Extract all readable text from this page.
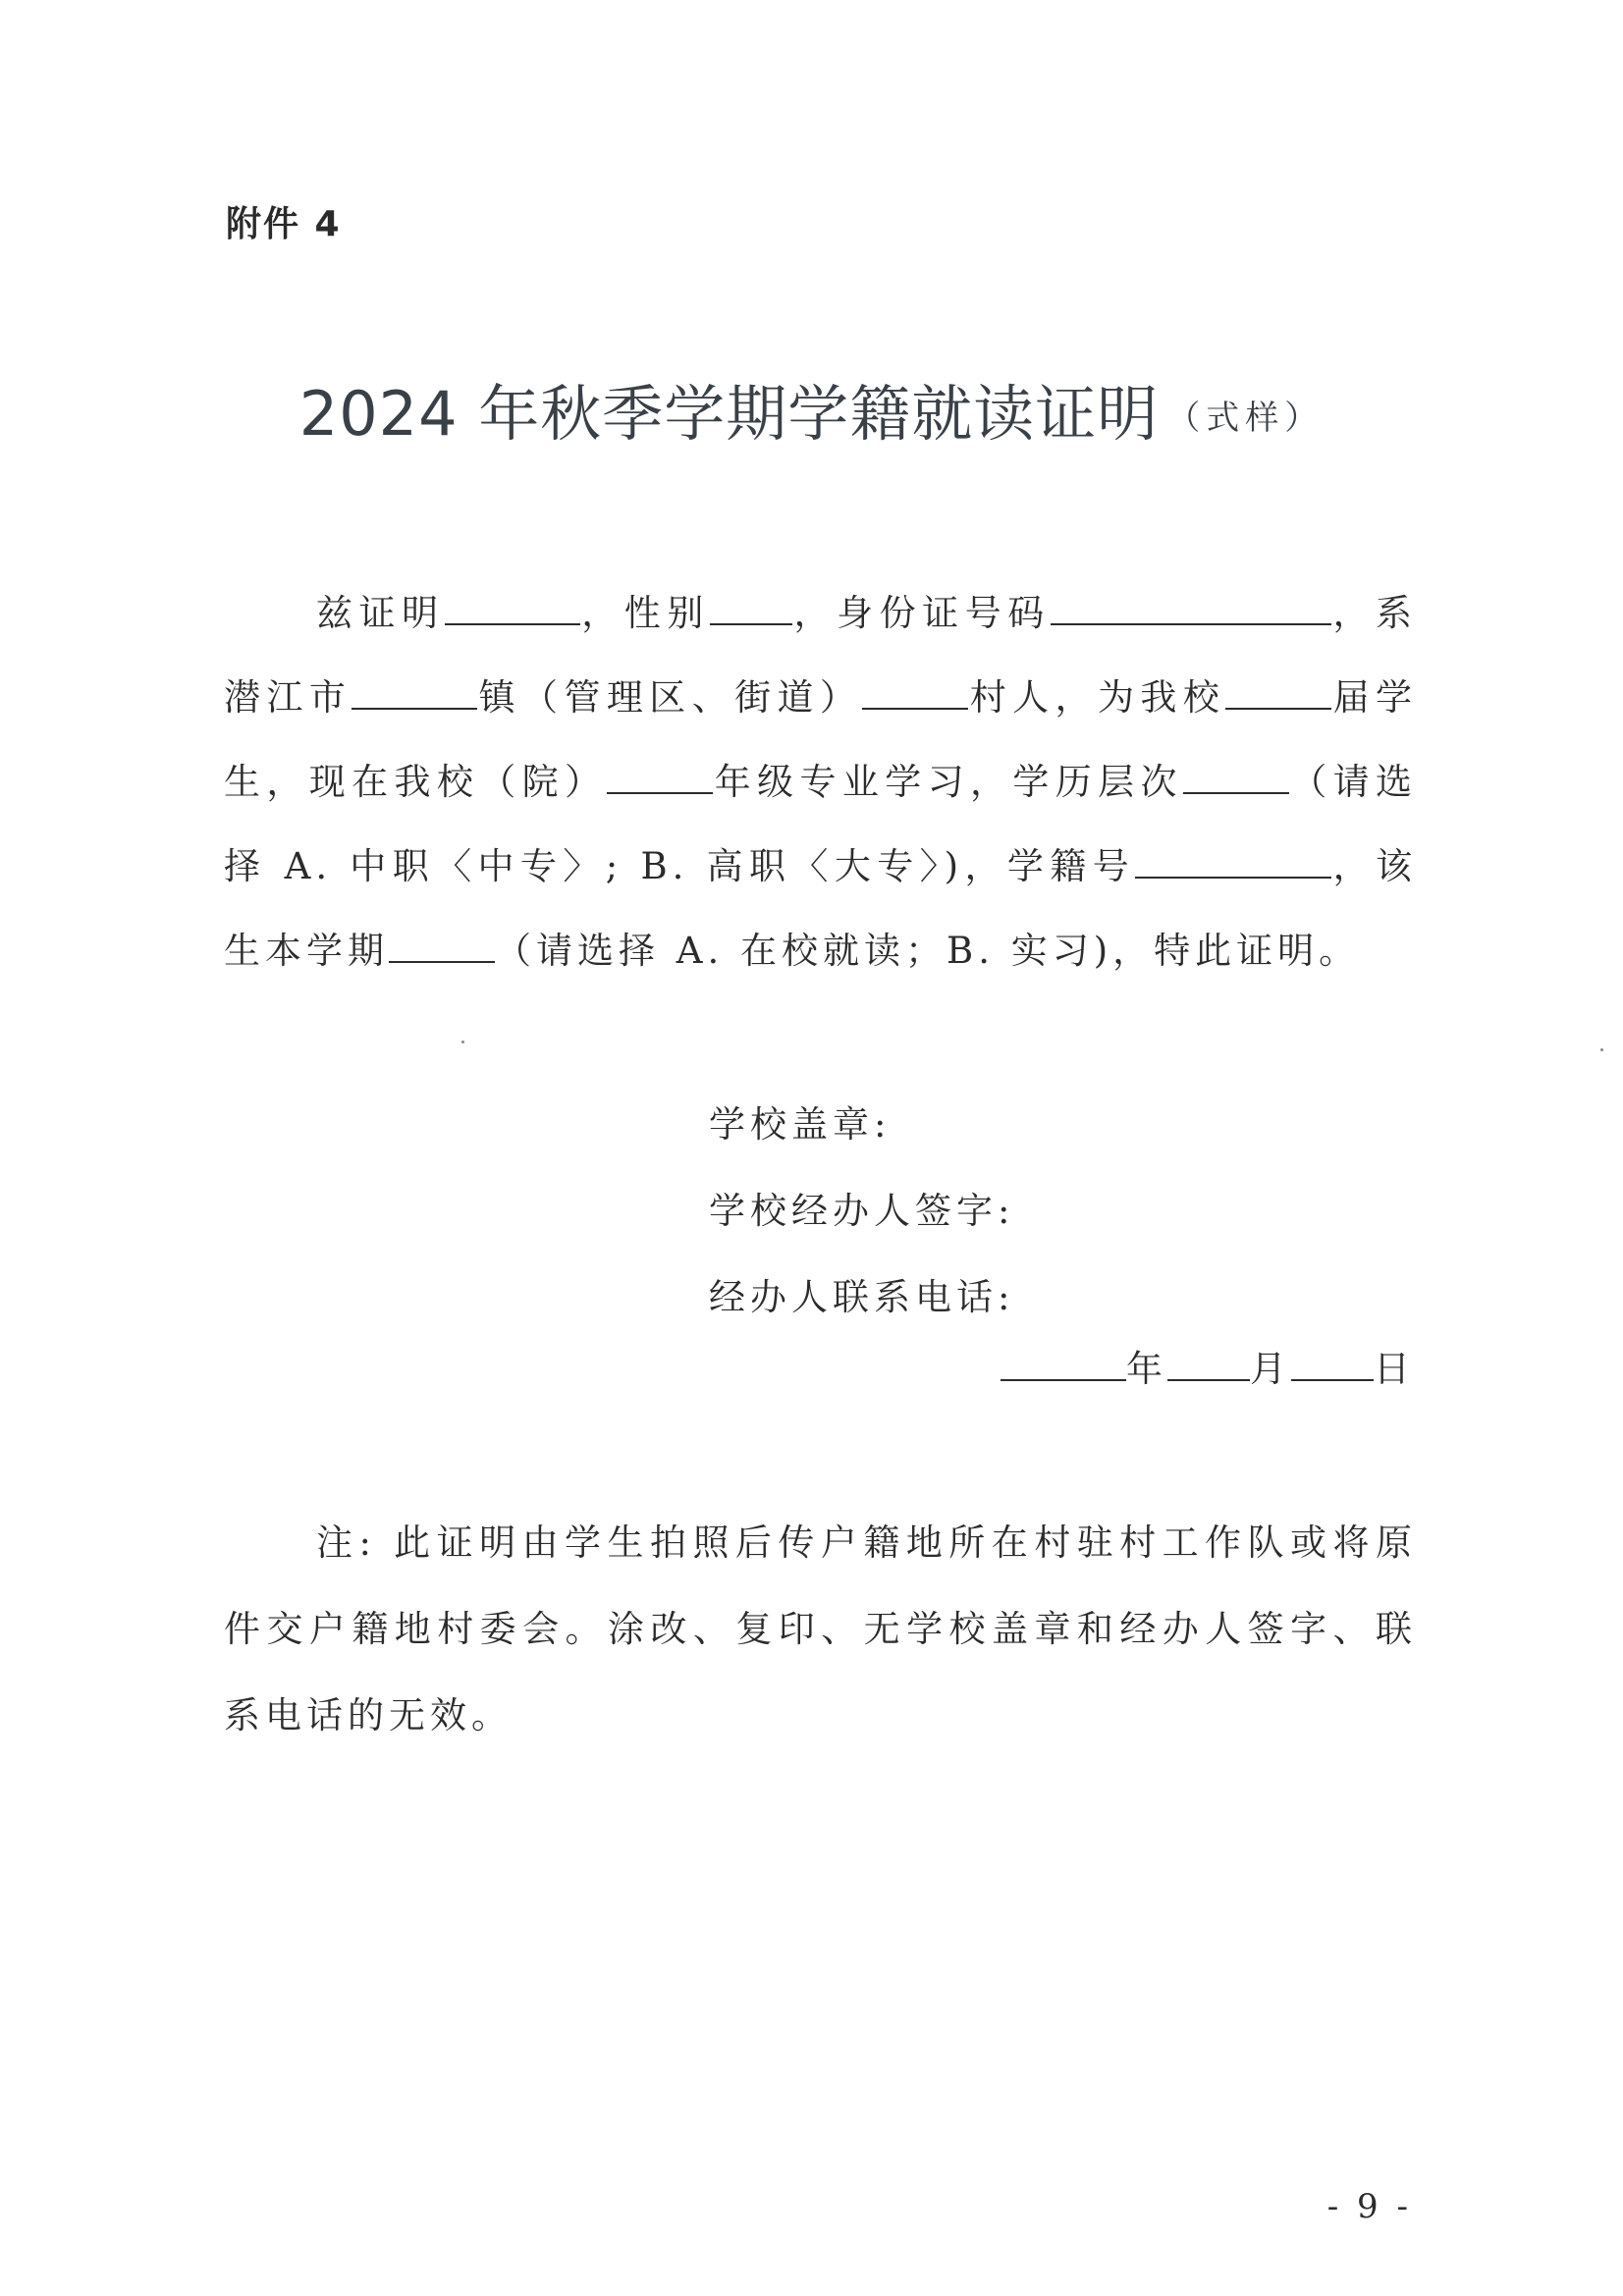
附件 4
2024 年秋季学期学籍就读证明 （式样）
兹证明	，性别 ，身份证号码	，系潜江市	镇（管理区、街道）	村人，为我校	届学生，现在我校（院）	年级专业学习，学历层次	（请选择 A. 中职〈中专〉; B. 高职〈大专〉)，学籍号	，该生本学期	（请选择 A. 在校就读；B. 实习)，特此证明。
学校盖章:
学校经办人签字:
经办人联系电话:
年 月 日
注: 此证明由学生拍照后传户籍地所在村驻村工作队或将原件交户籍地村委会。涂改、复印、无学校盖章和经办人签字、联系电话的无效。
- 9 -
